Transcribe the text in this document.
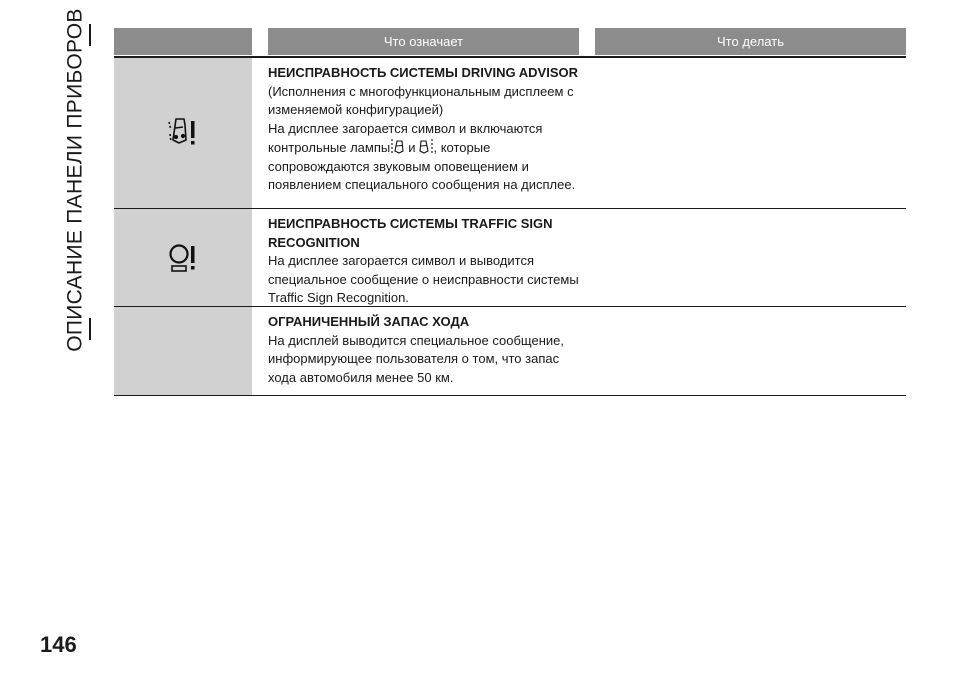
ОПИСАНИЕ ПАНЕЛИ ПРИБОРОВ	Что означает	Что делать
НЕИСПРАВНОСТЬ СИСТЕМЫ DRIVING ADVISOR
(Исполнения с многофункциональным дисплеем с изменяемой конфигурацией)
На дисплее загорается символ и включаются контрольные лампы и , которые сопровождаются звуковым оповещением и появлением специального сообщения на дисплее.
НЕИСПРАВНОСТЬ СИСТЕМЫ TRAFFIC SIGN RECOGNITION
На дисплее загорается символ и выводится специальное сообщение о неисправности системы Traffic Sign Recognition.
ОГРАНИЧЕННЫЙ ЗАПАС ХОДА
На дисплей выводится специальное сообщение, информирующее пользователя о том, что запас хода автомобиля менее 50 км.
146
